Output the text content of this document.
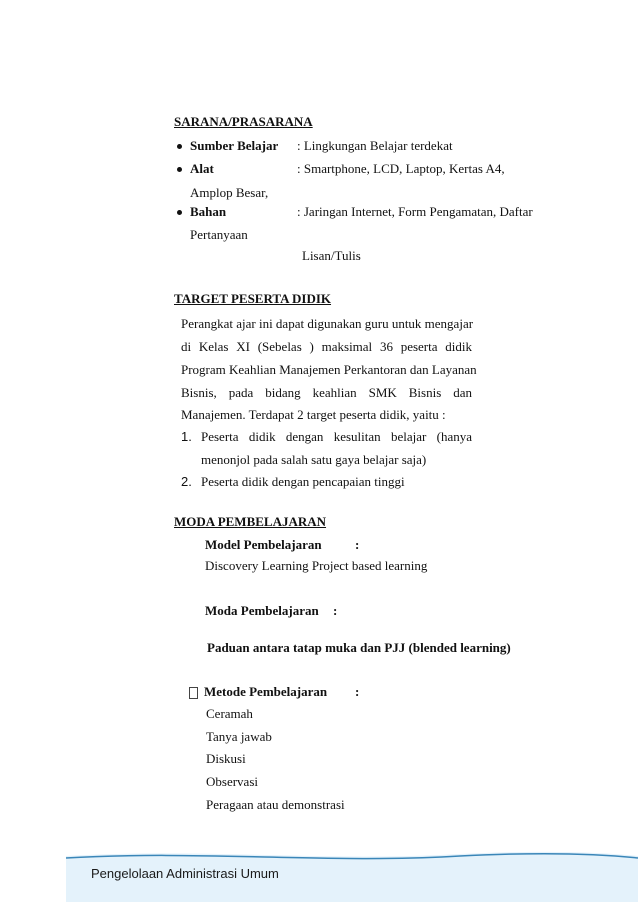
SARANA/PRASARANA
Sumber Belajar : Lingkungan Belajar terdekat
Alat	: Smartphone, LCD, Laptop, Kertas A4,
Amplop Besar,
Bahan	: Jaringan Internet, Form Pengamatan, Daftar
Pertanyaan
Lisan/Tulis
TARGET PESERTA DIDIK
Perangkat ajar ini dapat digunakan guru untuk mengajar
di Kelas XI (Sebelas ) maksimal 36 peserta didik
Program Keahlian Manajemen Perkantoran dan Layanan
Bisnis, pada bidang keahlian SMK Bisnis dan
Manajemen. Terdapat 2 target peserta didik, yaitu :
1. Peserta didik dengan kesulitan belajar (hanya
menonjol pada salah satu gaya belajar saja)
2. Peserta didik dengan pencapaian tinggi
MODA PEMBELAJARAN
Model Pembelajaran	:
Discovery Learning Project based learning
Moda Pembelajaran :
Paduan antara tatap muka dan PJJ (blended learning)
Metode Pembelajaran :
Ceramah
Tanya jawab
Diskusi
Observasi
Peragaan atau demonstrasi
Pengelolaan Administrasi Umum
